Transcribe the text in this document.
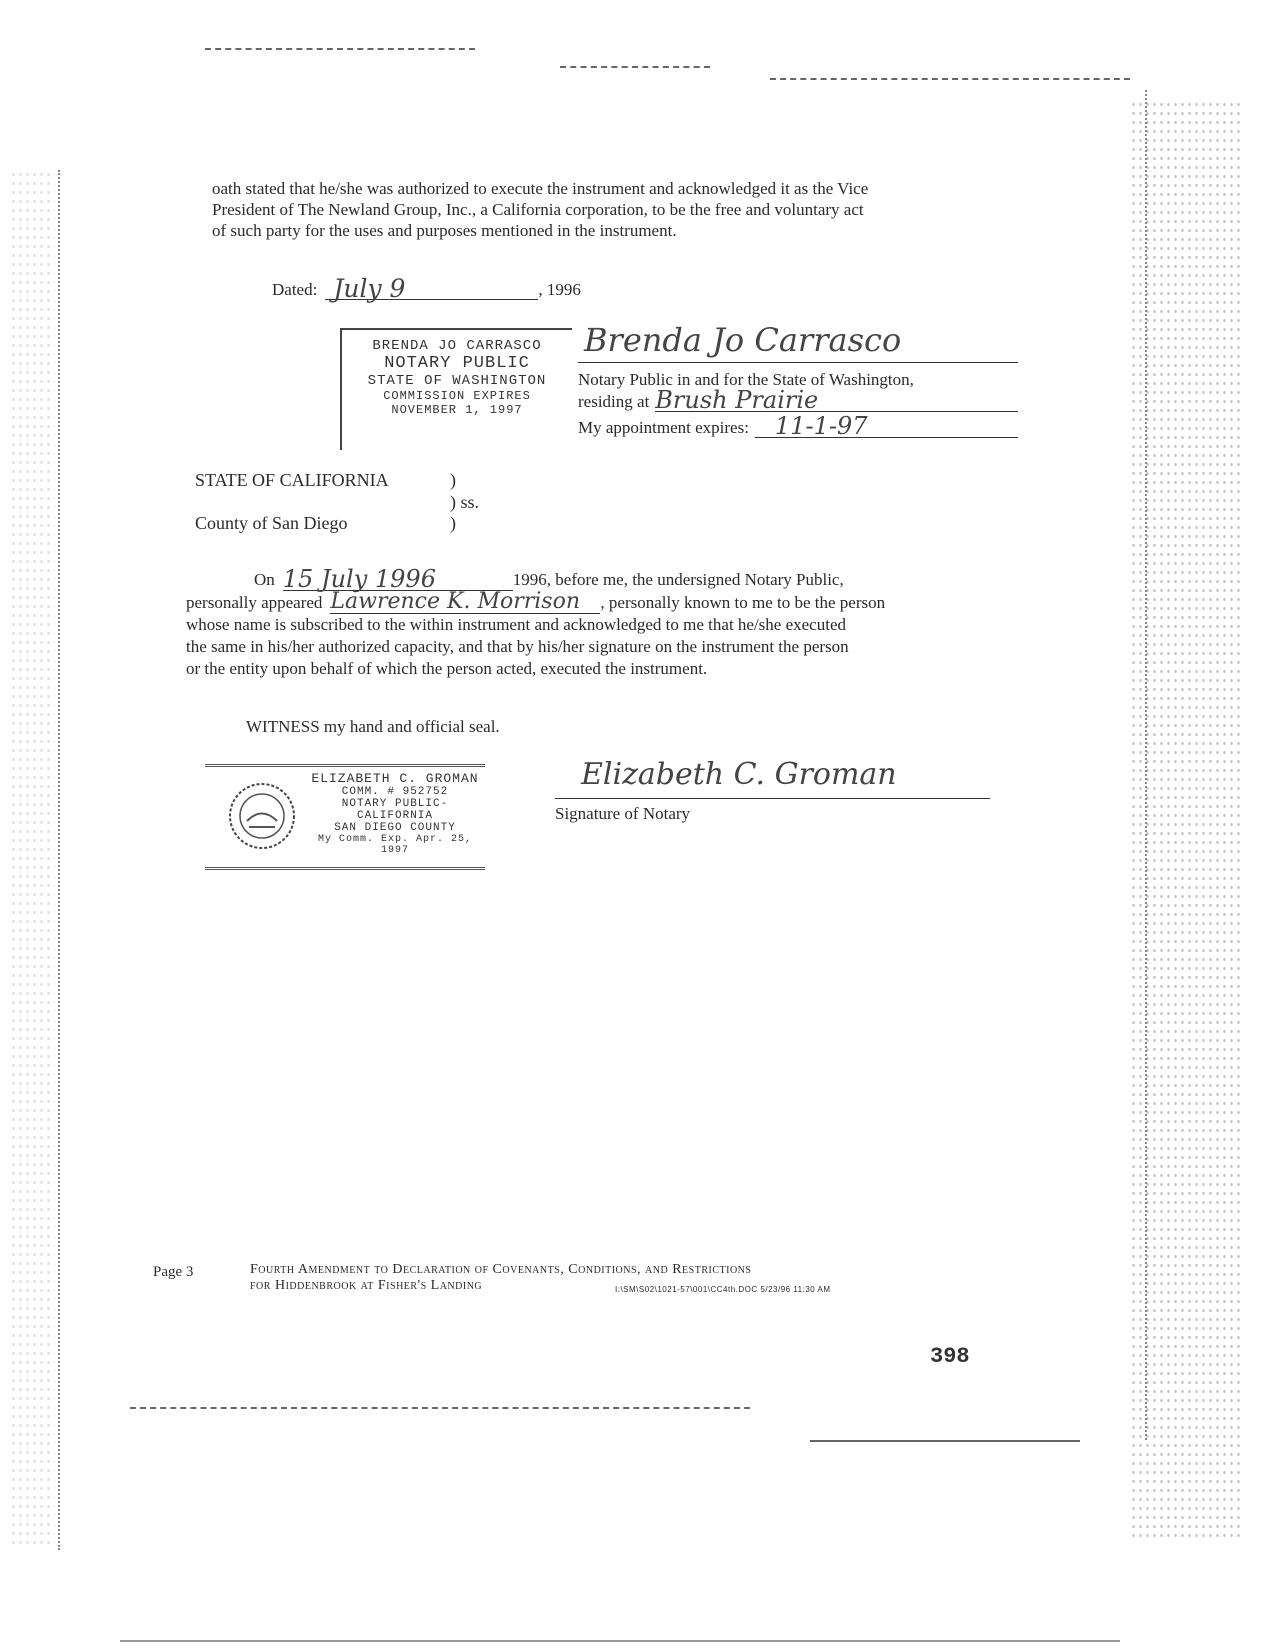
oath stated that he/she was authorized to execute the instrument and acknowledged it as the Vice
President of The Newland Group, Inc., a California corporation, to be the free and voluntary act
of such party for the uses and purposes mentioned in the instrument.
Dated: July 9	, 1996
BRENDA JO CARRASCO
NOTARY PUBLIC
STATE OF WASHINGTON
COMMISSION EXPIRES
NOVEMBER 1, 1997
Brenda Jo Carrasco
Notary Public in and for the State of Washington,
residing at Brush Prairie
My appointment expires:	11-1-97
STATE OF CALIFORNIA	)
) ss.
County of San Diego	)
On 15 July 1996	1996, before me, the undersigned Notary Public,
personally appeared Lawrence K. Morrison	, personally known to me to be the person
whose name is subscribed to the within instrument and acknowledged to me that he/she executed
the same in his/her authorized capacity, and that by his/her signature on the instrument the person
or the entity upon behalf of which the person acted, executed the instrument.
WITNESS my hand and official seal.
ELIZABETH C. GROMAN
COMM. # 952752
NOTARY PUBLIC-CALIFORNIA
SAN DIEGO COUNTY
My Comm. Exp. Apr. 25, 1997
Elizabeth C. Groman
Signature of Notary
Page 3	Fourth Amendment to Declaration of Covenants, Conditions, and Restrictions
for Hiddenbrook at Fisher's Landing	I:\SM\S02\1021-57\001\CC4th.DOC 5/23/96 11:30 AM
398
